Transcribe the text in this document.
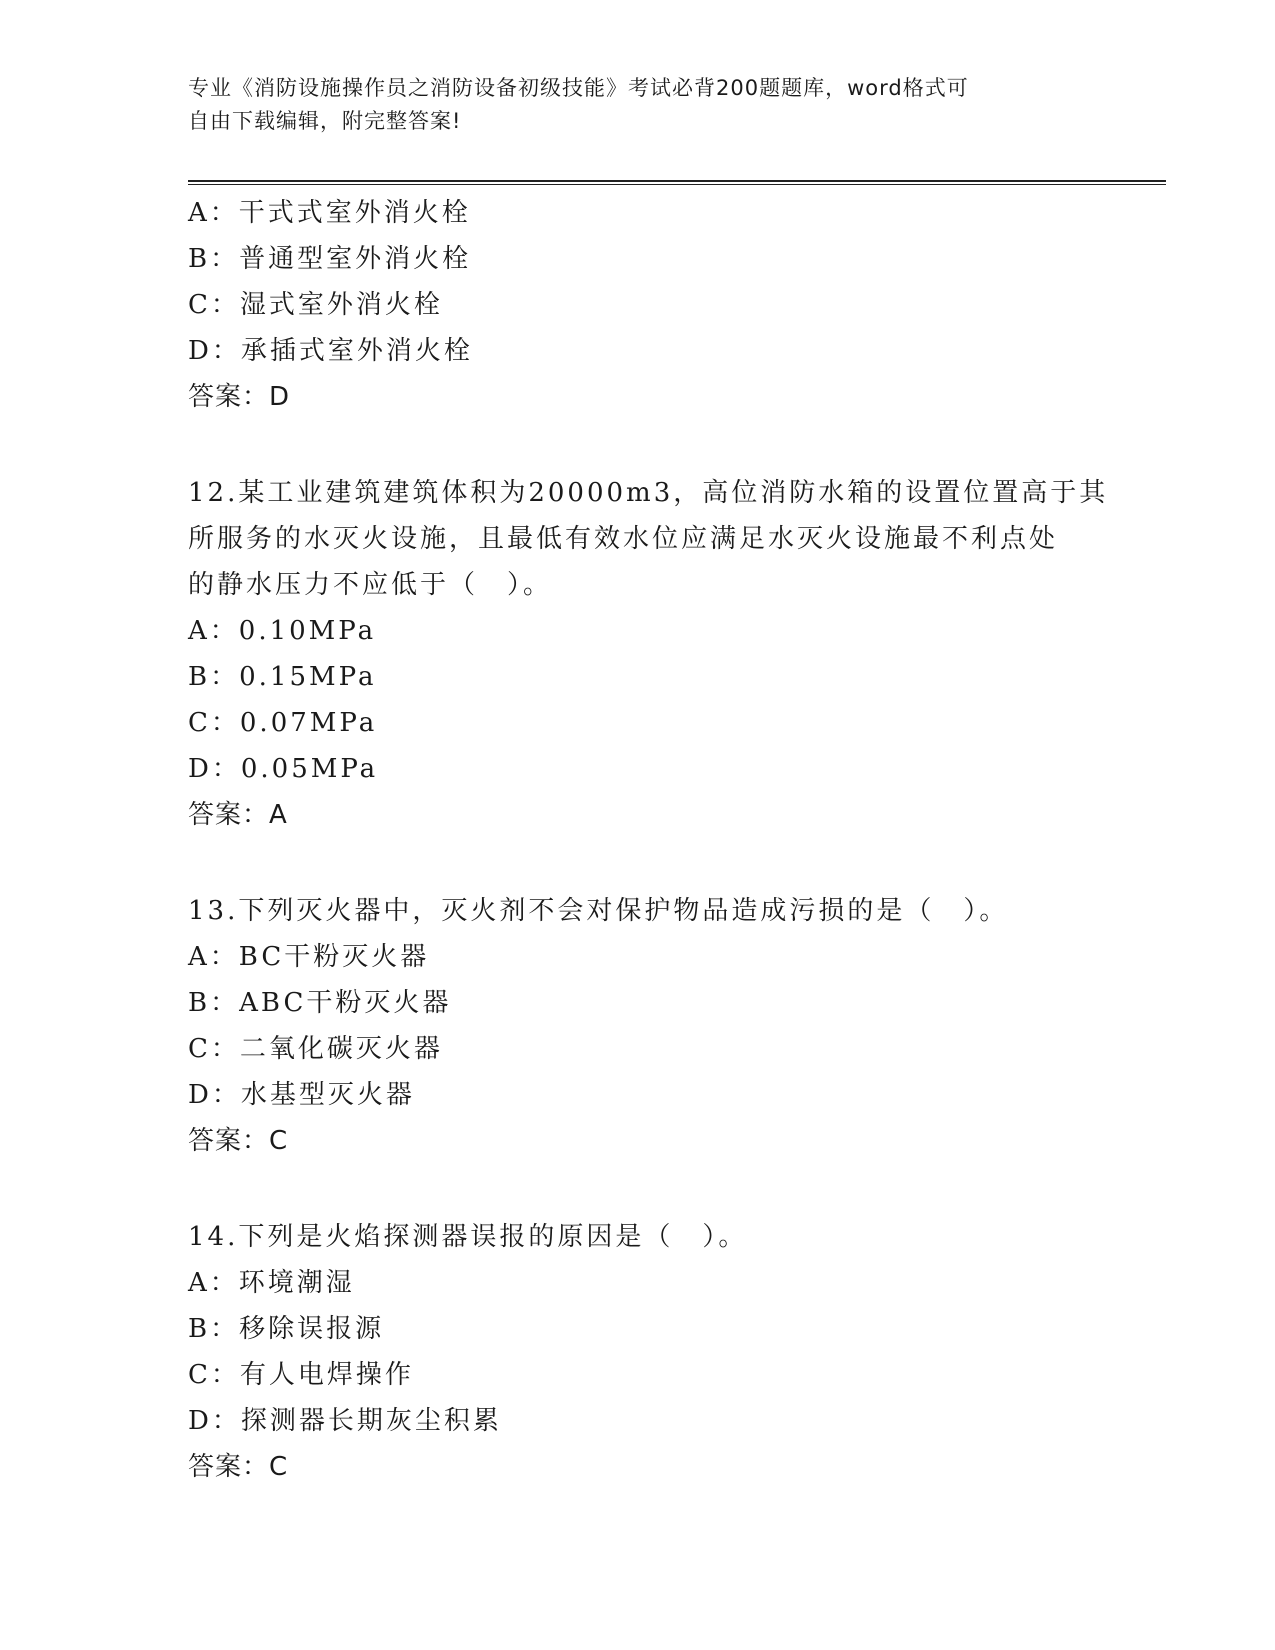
专业《消防设施操作员之消防设备初级技能》考试必背200题题库，word格式可
自由下载编辑，附完整答案!
A：干式式室外消火栓
B：普通型室外消火栓
C：湿式室外消火栓
D：承插式室外消火栓
答案：D
12.某工业建筑建筑体积为20000m3，高位消防水箱的设置位置高于其
所服务的水灭火设施，且最低有效水位应满足水灭火设施最不利点处
的静水压力不应低于（　）。
A：0.10MPa
B：0.15MPa
C：0.07MPa
D：0.05MPa
答案：A
13.下列灭火器中，灭火剂不会对保护物品造成污损的是（　）。
A：BC干粉灭火器
B：ABC干粉灭火器
C：二氧化碳灭火器
D：水基型灭火器
答案：C
14.下列是火焰探测器误报的原因是（　）。
A：环境潮湿
B：移除误报源
C：有人电焊操作
D：探测器长期灰尘积累
答案：C
